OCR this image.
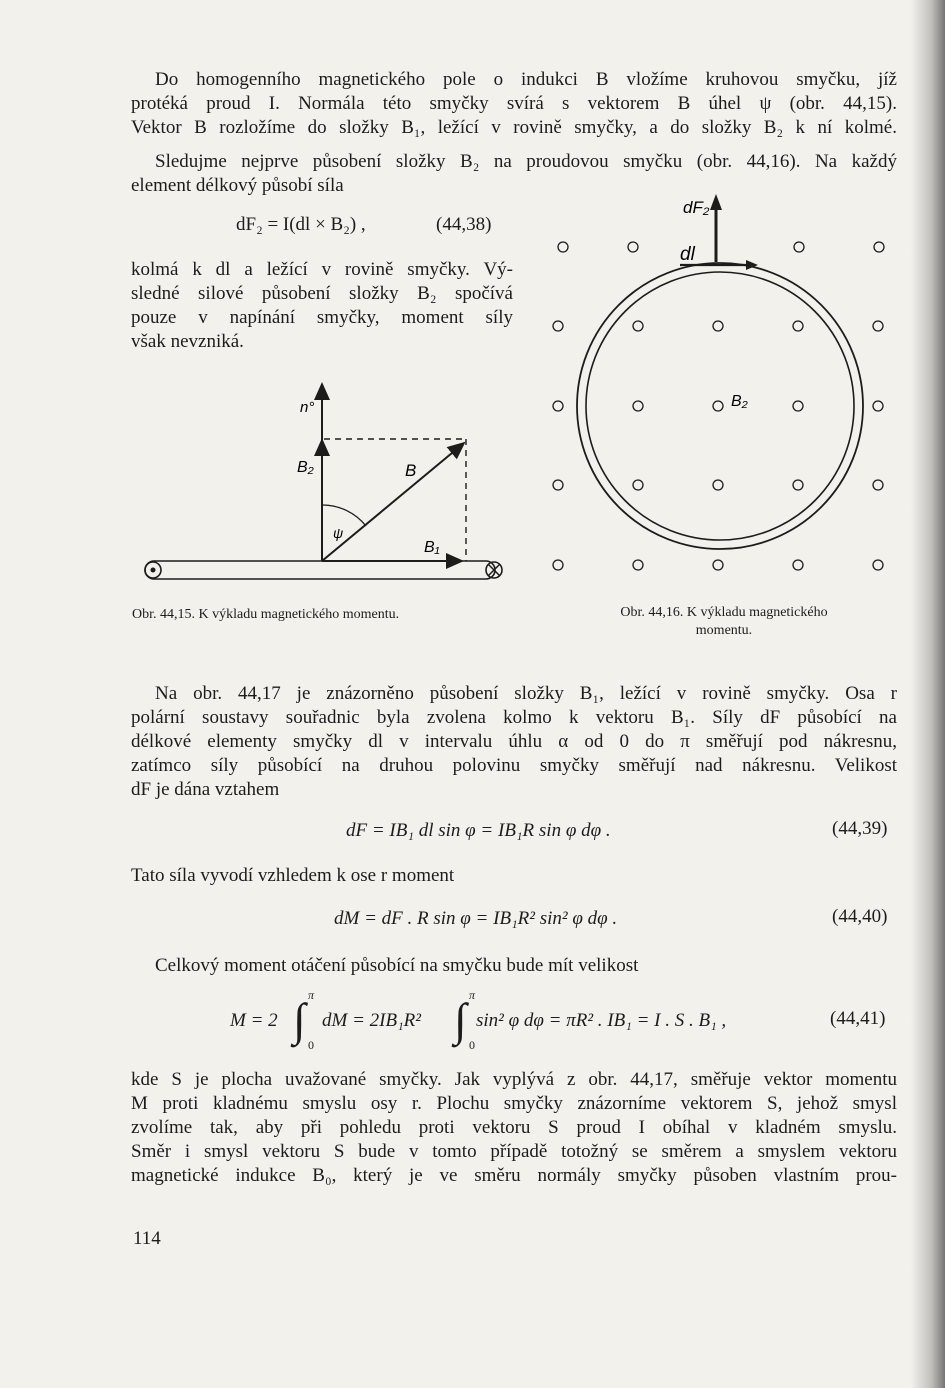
Do homogenního magnetického pole o indukci B vložíme kruhovou smyčku, jíž
protéká proud I. Normála této smyčky svírá s vektorem B úhel ψ (obr. 44,15).
Vektor B rozložíme do složky B₁, ležící v rovině smyčky, a do složky B₂ k ní kolmé.
Sledujme nejprve působení složky B₂ na proudovou smyčku (obr. 44,16). Na každý
element délkový působí síla
dF₂ = I(dl × B₂) ,	(44,38)
kolmá k dl a ležící v rovině smyčky. Vý-
sledné silové působení složky B₂ spočívá
pouze v napínání smyčky, moment síly
však nevzniká.
n°
B₂	B
ψ
B₁
Obr. 44,15. K výkladu magnetického momentu.
dF₂
dl
B₂
Obr. 44,16. K výkladu magnetického
momentu.
Na obr. 44,17 je znázorněno působení složky B₁, ležící v rovině smyčky. Osa r
polární soustavy souřadnic byla zvolena kolmo k vektoru B₁. Síly dF působící na
délkové elementy smyčky dl v intervalu úhlu α od 0 do π směřují pod nákresnu,
zatímco síly působící na druhou polovinu smyčky směřují nad nákresnu. Velikost
dF je dána vztahem
dF = IB₁ dl sin φ = IB₁R sin φ dφ .	(44,39)
Tato síla vyvodí vzhledem k ose r moment
dM = dF . R sin φ = IB₁R² sin² φ dφ .	(44,40)
Celkový moment otáčení působící na smyčku bude mít velikost
M = 2 ∫ π
0
dM = 2IB₁R² ∫ π
0
sin² φ dφ = πR² . IB₁ = I . S . B₁ ,	(44,41)
kde S je plocha uvažované smyčky. Jak vyplývá z obr. 44,17, směřuje vektor momentu
M proti kladnému smyslu osy r. Plochu smyčky znázorníme vektorem S, jehož smysl
zvolíme tak, aby při pohledu proti vektoru S proud I obíhal v kladném smyslu.
Směr i smysl vektoru S bude v tomto případě totožný se směrem a smyslem vektoru
magnetické indukce B₀, který je ve směru normály smyčky působen vlastním prou-
114
